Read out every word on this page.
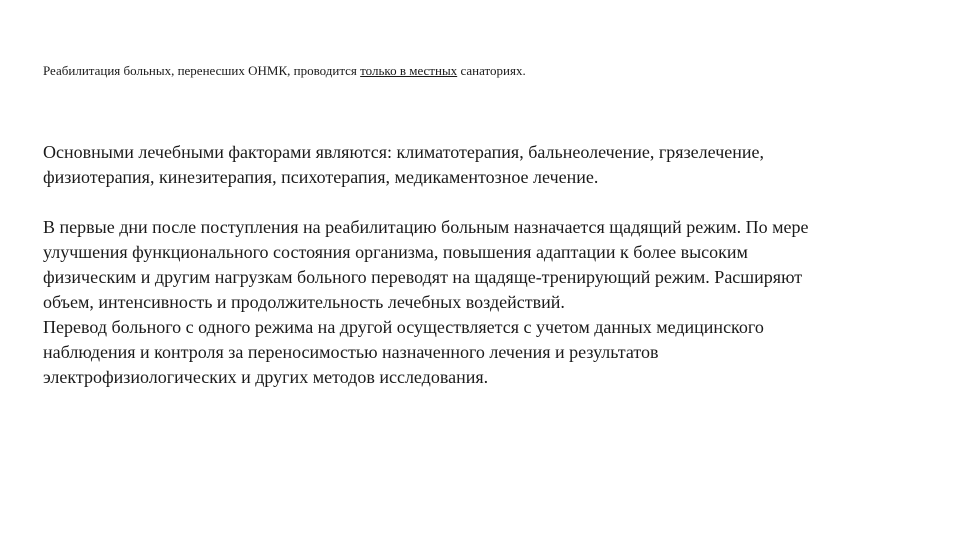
Реабилитация больных, перенесших ОНМК, проводится только в местных санаториях.

Основными лечебными факторами являются: климатотерапия, бальнеолечение, грязелечение,
физиотерапия, кинезитерапия, психотерапия, медикаментозное лечение.

В первые дни после поступления на реабилитацию больным назначается щадящий режим. По мере
улучшения функционального состояния организма, повышения адаптации к более высоким
физическим и другим нагрузкам больного переводят на щадяще-тренирующий режим. Расширяют
объем, интенсивность и продолжительность лечебных воздействий.

Перевод больного с одного режима на другой осуществляется с учетом данных медицинского
наблюдения и контроля за переносимостью назначенного лечения и результатов
электрофизиологических и других методов исследования.
